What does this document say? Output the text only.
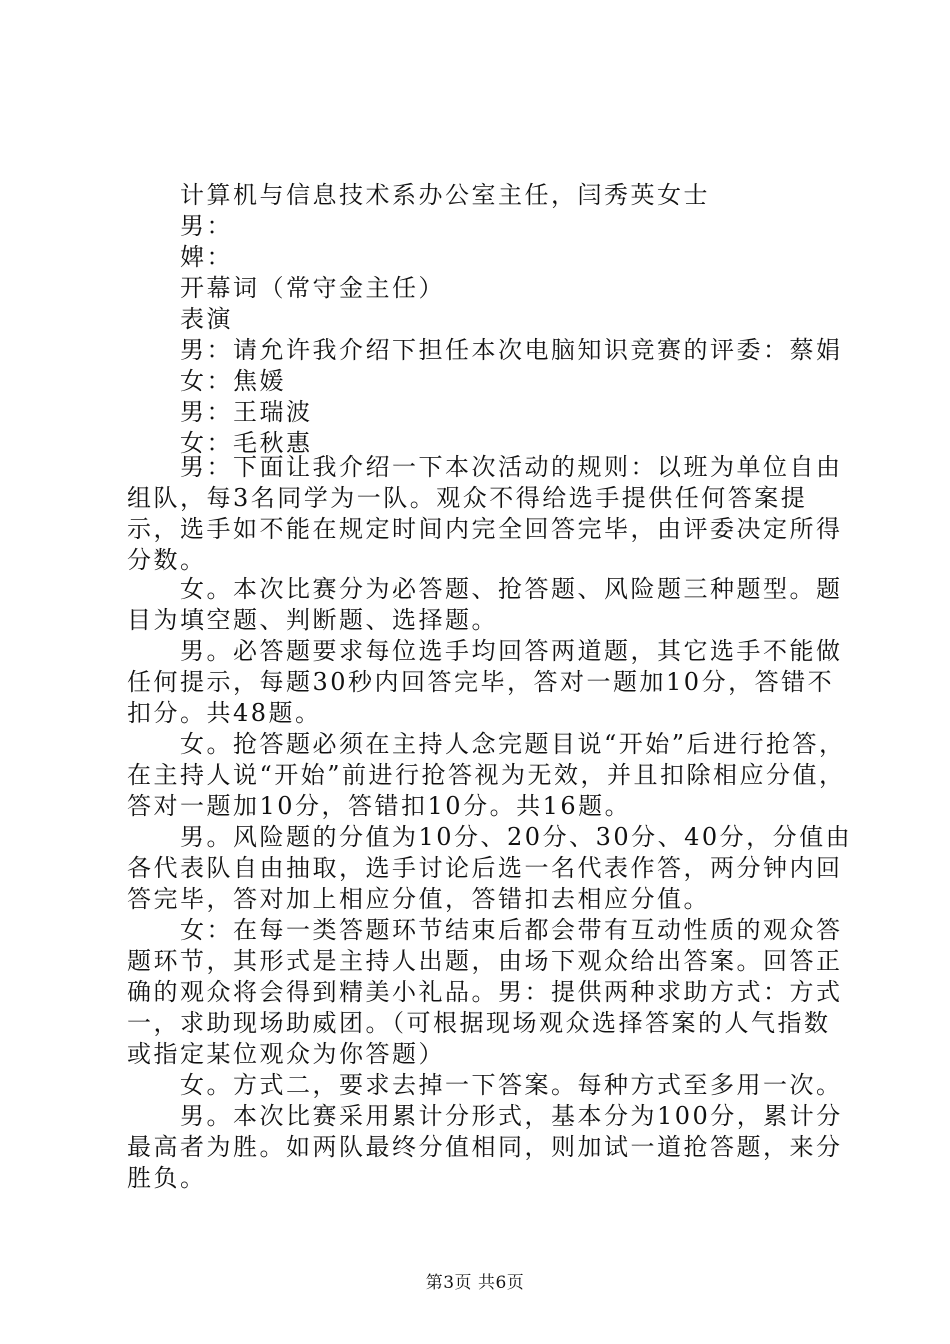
计算机与信息技术系办公室主任，闫秀英女士
男：
婢：
开幕词（常守金主任）
表演
男：请允许我介绍下担任本次电脑知识竞赛的评委：蔡娟
女：焦媛
男：王瑞波
女：毛秋惠

男：下面让我介绍一下本次活动的规则：以班为单位自由组队，每3名同学为一队。观众不得给选手提供任何答案提示，选手如不能在规定时间内完全回答完毕，由评委决定所得分数。

女。本次比赛分为必答题、抢答题、风险题三种题型。题目为填空题、判断题、选择题。

男。必答题要求每位选手均回答两道题，其它选手不能做任何提示，每题30秒内回答完毕，答对一题加10分，答错不扣分。共48题。

女。抢答题必须在主持人念完题目说“开始”后进行抢答，在主持人说“开始”前进行抢答视为无效，并且扣除相应分值，答对一题加10分，答错扣10分。共16题。

男。风险题的分值为10分、20分、30分、40分，分值由各代表队自由抽取，选手讨论后选一名代表作答，两分钟内回答完毕，答对加上相应分值，答错扣去相应分值。

女：在每一类答题环节结束后都会带有互动性质的观众答题环节，其形式是主持人出题，由场下观众给出答案。回答正确的观众将会得到精美小礼品。男：提供两种求助方式：方式一，求助现场助威团。（可根据现场观众选择答案的人气指数或指定某位观众为你答题）

女。方式二，要求去掉一下答案。每种方式至多用一次。

男。本次比赛采用累计分形式，基本分为100分，累计分最高者为胜。如两队最终分值相同，则加试一道抢答题，来分胜负。

第3页 共6页
